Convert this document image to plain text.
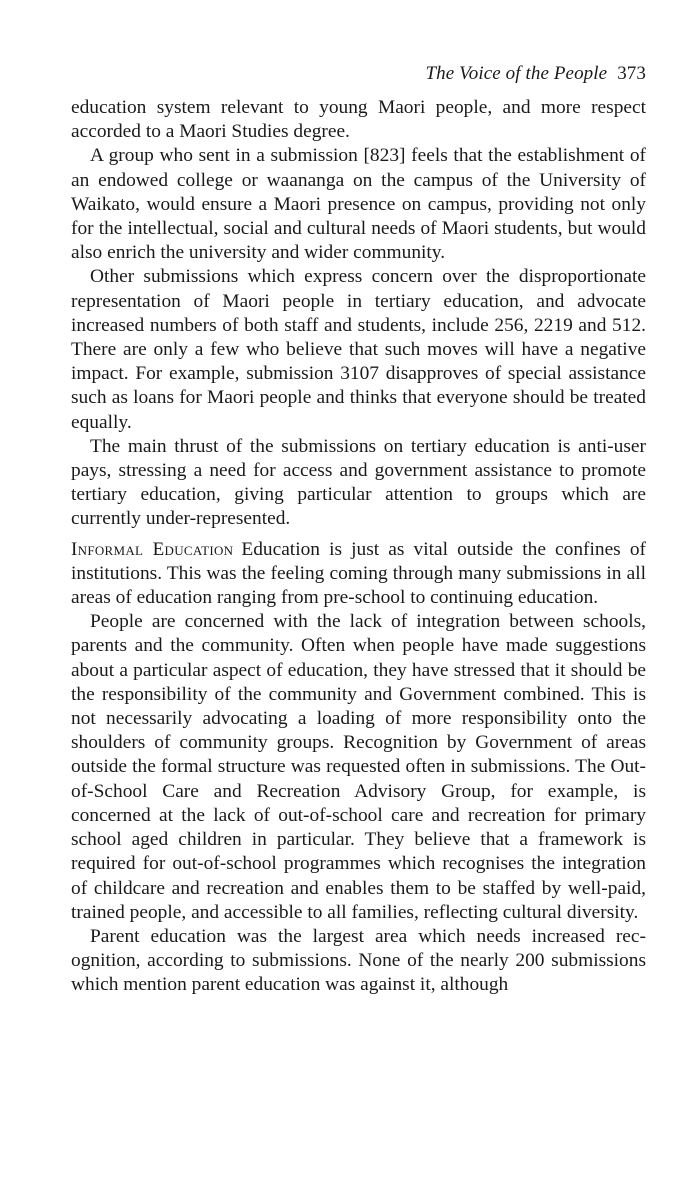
The Voice of the People 373

education system relevant to young Maori people, and more respect accorded to a Maori Studies degree.

A group who sent in a submission [823] feels that the establishment of an endowed college or waananga on the campus of the University of Waikato, would ensure a Maori presence on campus, providing not only for the intellectual, social and cultural needs of Maori students, but would also enrich the university and wider community.

Other submissions which express concern over the disproportionate representation of Maori people in tertiary education, and advocate increased numbers of both staff and students, include 256, 2219 and 512. There are only a few who believe that such moves will have a negative impact. For example, submission 3107 disapproves of special assistance such as loans for Maori people and thinks that everyone should be treated equally.

The main thrust of the submissions on tertiary education is anti-user pays, stressing a need for access and government assistance to promote tertiary education, giving particular attention to groups which are currently under-represented.

Informal Education Education is just as vital outside the confines of institutions. This was the feeling coming through many submissions in all areas of education ranging from pre-school to continuing education.

People are concerned with the lack of integration between schools, parents and the community. Often when people have made suggestions about a particular aspect of education, they have stressed that it should be the responsibility of the community and Government combined. This is not necessarily advocating a loading of more responsibility onto the shoulders of community groups. Recognition by Government of areas outside the formal structure was requested often in submissions. The Out-of-School Care and Recreation Advisory Group, for example, is concerned at the lack of out-of-school care and recreation for primary school aged children in particular. They believe that a framework is required for out-of-school programmes which recognises the integration of childcare and recreation and enables them to be staffed by well-paid, trained people, and accessible to all families, reflecting cultural diversity.

Parent education was the largest area which needs increased recognition, according to submissions. None of the nearly 200 submissions which mention parent education was against it, although
